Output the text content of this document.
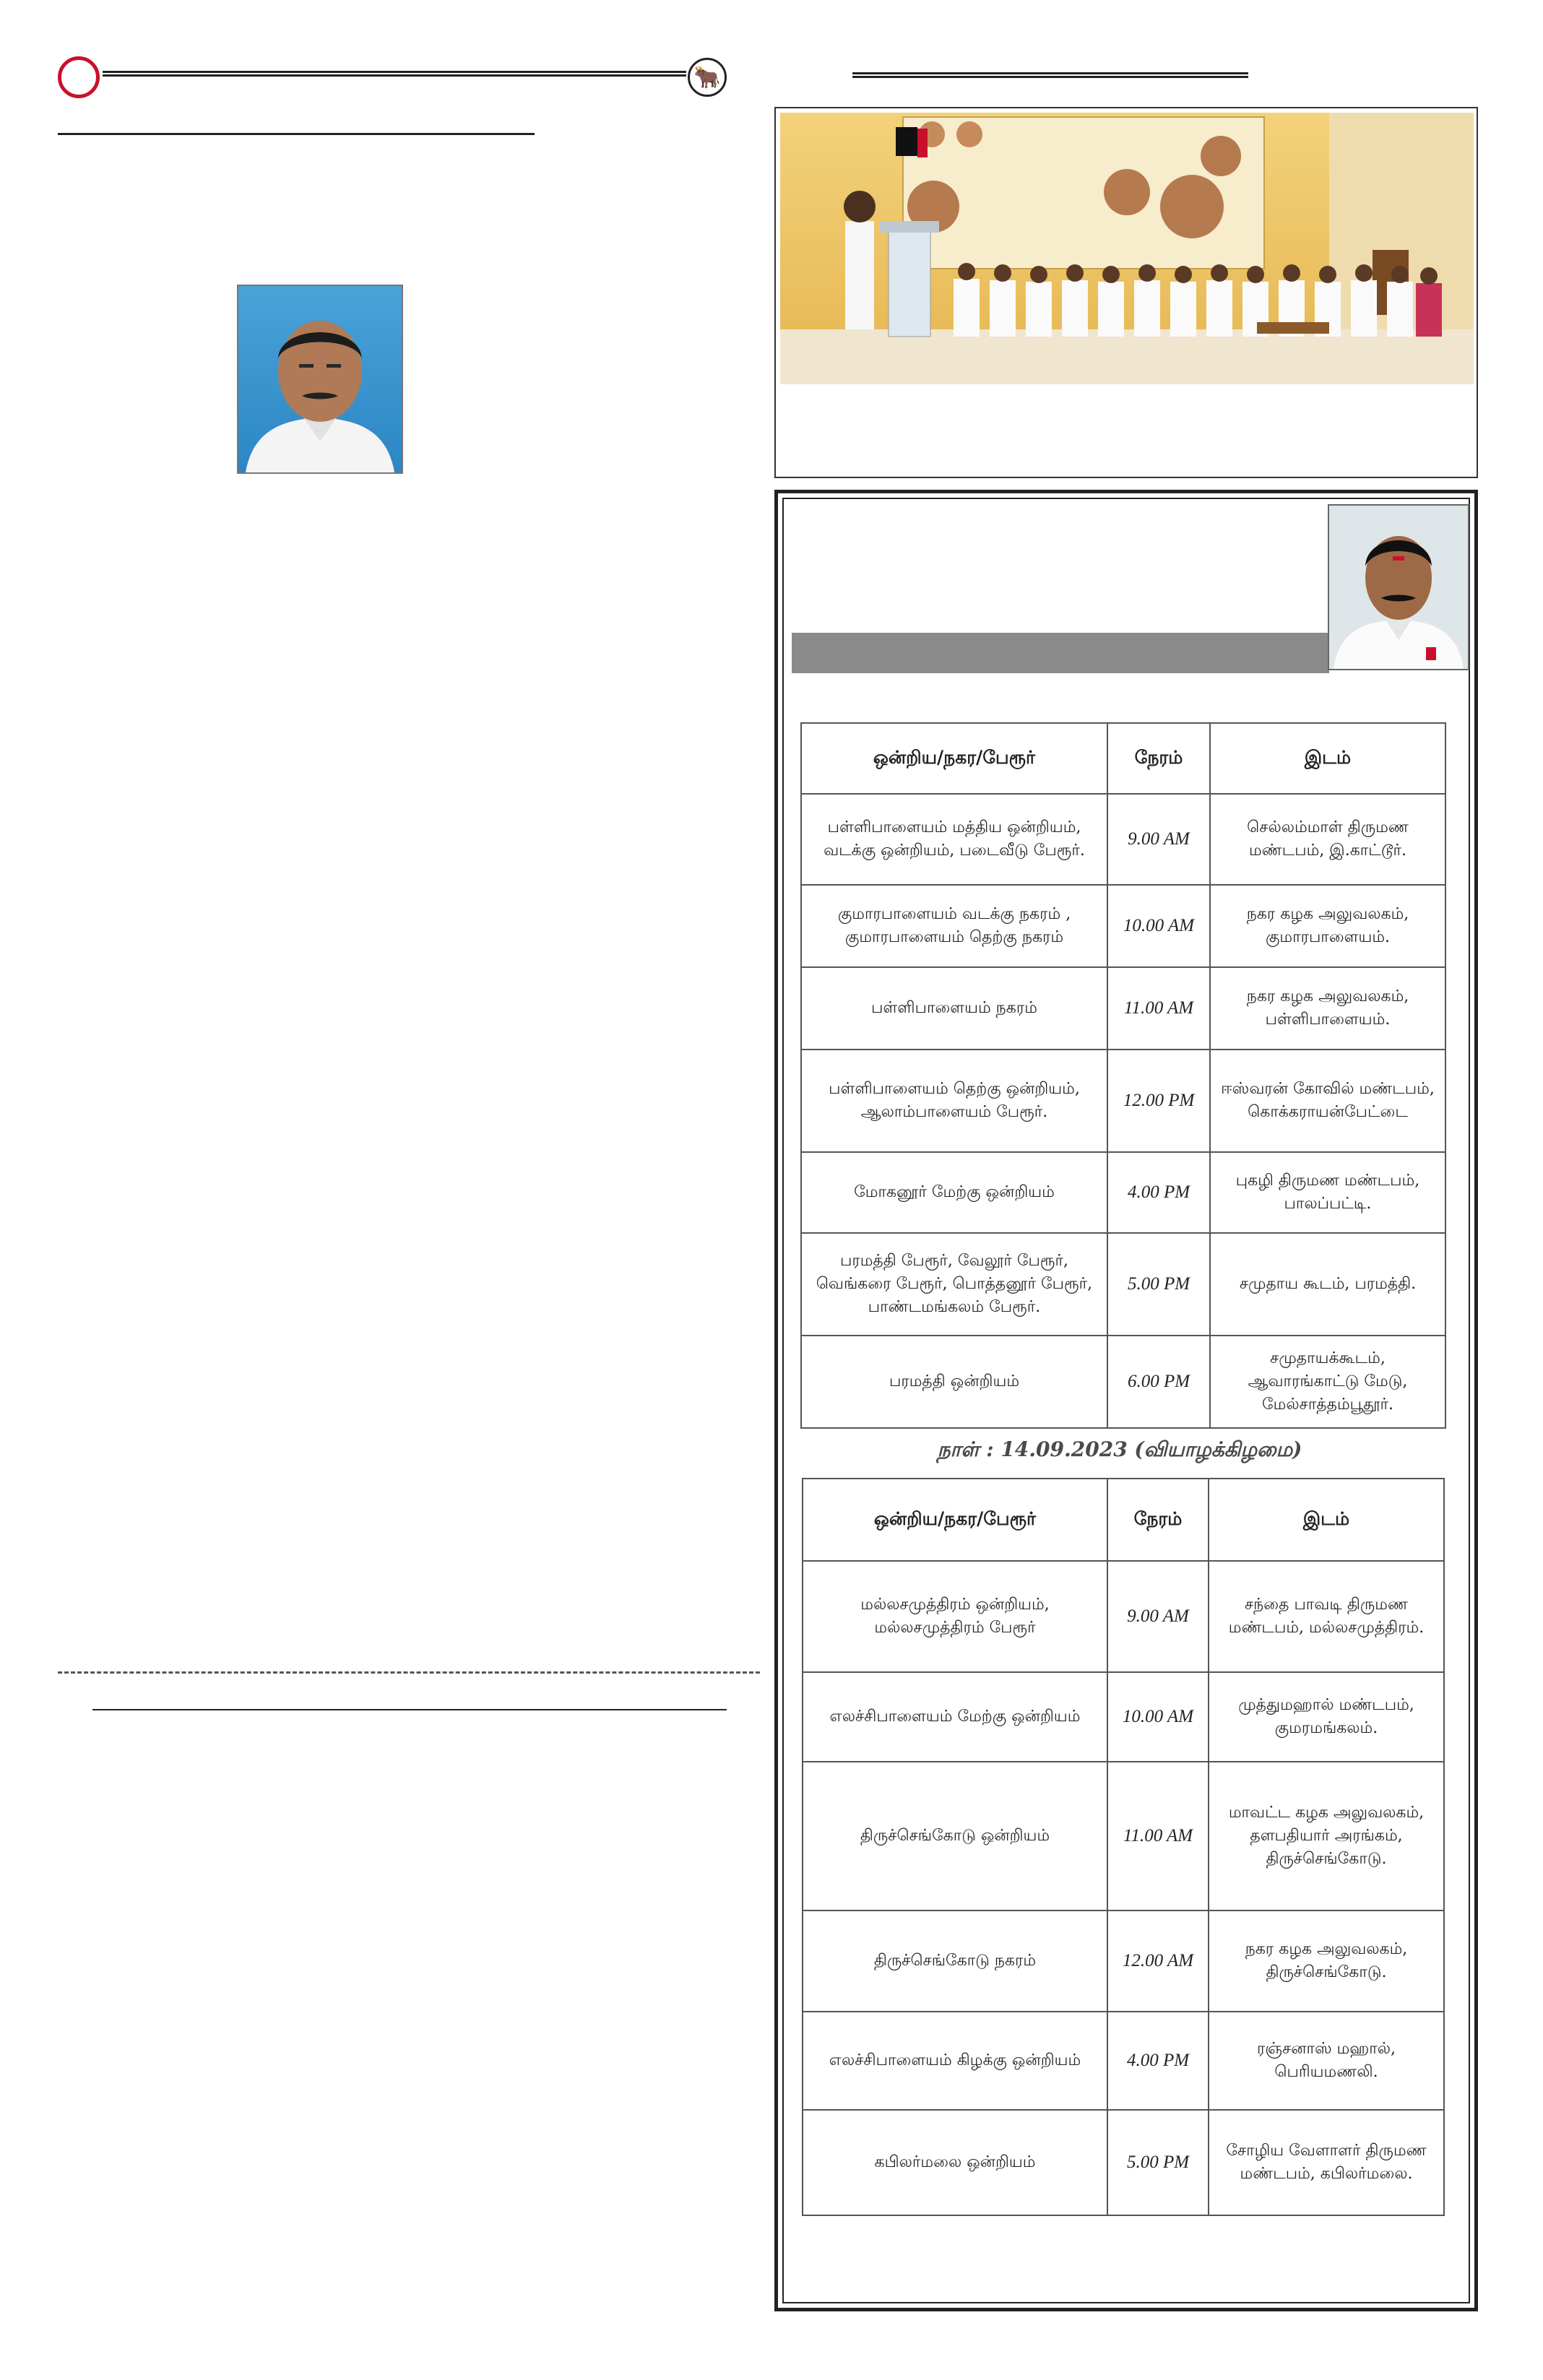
🐂
ஒன்றிய/நகர/பேரூர்	நேரம்	இடம்
பள்ளிபாளையம் மத்திய ஒன்றியம், வடக்கு ஒன்றியம், படைவீடு பேரூர்.	9.00 AM	செல்லம்மாள் திருமண மண்டபம், இ.காட்டூர்.
குமாரபாளையம் வடக்கு நகரம் , குமாரபாளையம் தெற்கு நகரம்	10.00 AM	நகர கழக அலுவலகம், குமாரபாளையம்.
பள்ளிபாளையம் நகரம்	11.00 AM	நகர கழக அலுவலகம், பள்ளிபாளையம்.
பள்ளிபாளையம் தெற்கு ஒன்றியம், ஆலாம்பாளையம் பேரூர்.	12.00 PM	ஈஸ்வரன் கோவில் மண்டபம், கொக்கராயன்பேட்டை
மோகனூர் மேற்கு ஒன்றியம்	4.00 PM	புகழி திருமண மண்டபம், பாலப்பட்டி.
பரமத்தி பேரூர், வேலூர் பேரூர், வெங்கரை பேரூர், பொத்தனூர் பேரூர், பாண்டமங்கலம் பேரூர்.	5.00 PM	சமுதாய கூடம், பரமத்தி.
பரமத்தி ஒன்றியம்	6.00 PM	சமுதாயக்கூடம், ஆவாரங்காட்டு மேடு, மேல்சாத்தம்பூதூர்.
நாள் : 14.09.2023 (வியாழக்கிழமை)
ஒன்றிய/நகர/பேரூர்	நேரம்	இடம்
மல்லசமுத்திரம் ஒன்றியம், மல்லசமுத்திரம் பேரூர்	9.00 AM	சந்தை பாவடி திருமண மண்டபம், மல்லசமுத்திரம்.
எலச்சிபாளையம் மேற்கு ஒன்றியம்	10.00 AM	முத்துமஹால் மண்டபம், குமரமங்கலம்.
திருச்செங்கோடு ஒன்றியம்	11.00 AM	மாவட்ட கழக அலுவலகம், தளபதியார் அரங்கம், திருச்செங்கோடு.
திருச்செங்கோடு நகரம்	12.00 AM	நகர கழக அலுவலகம், திருச்செங்கோடு.
எலச்சிபாளையம் கிழக்கு ஒன்றியம்	4.00 PM	ரஞ்சனாஸ் மஹால், பெரியமணலி.
கபிலர்மலை ஒன்றியம்	5.00 PM	சோழிய வேளாளர் திருமண மண்டபம், கபிலர்மலை.
